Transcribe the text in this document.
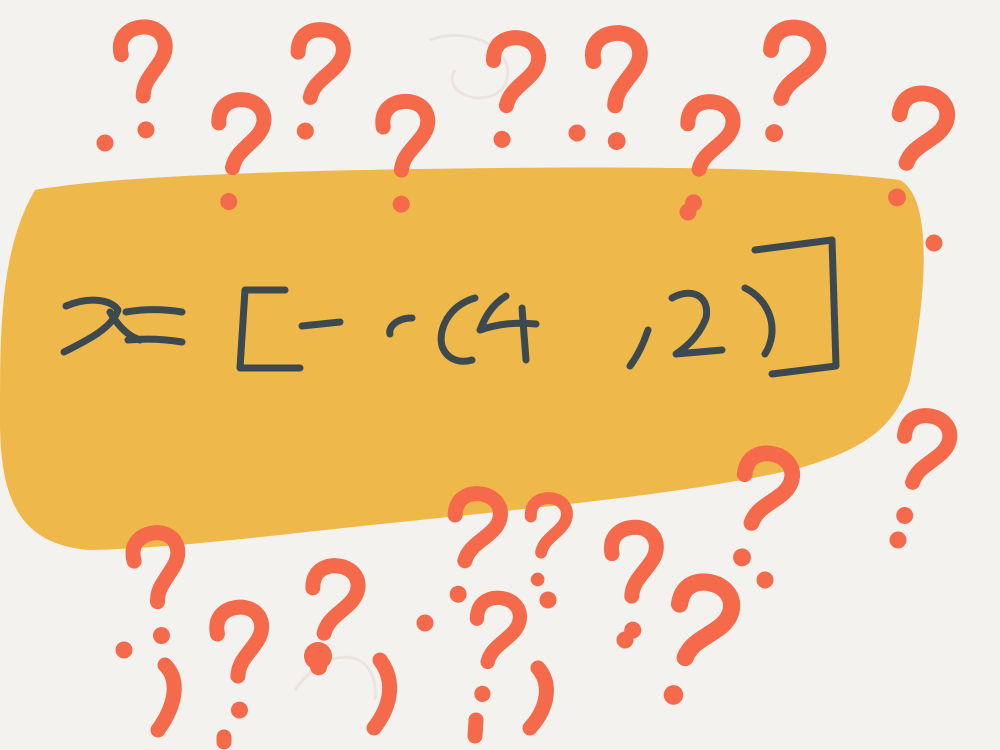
x=[-c(4,2)]
